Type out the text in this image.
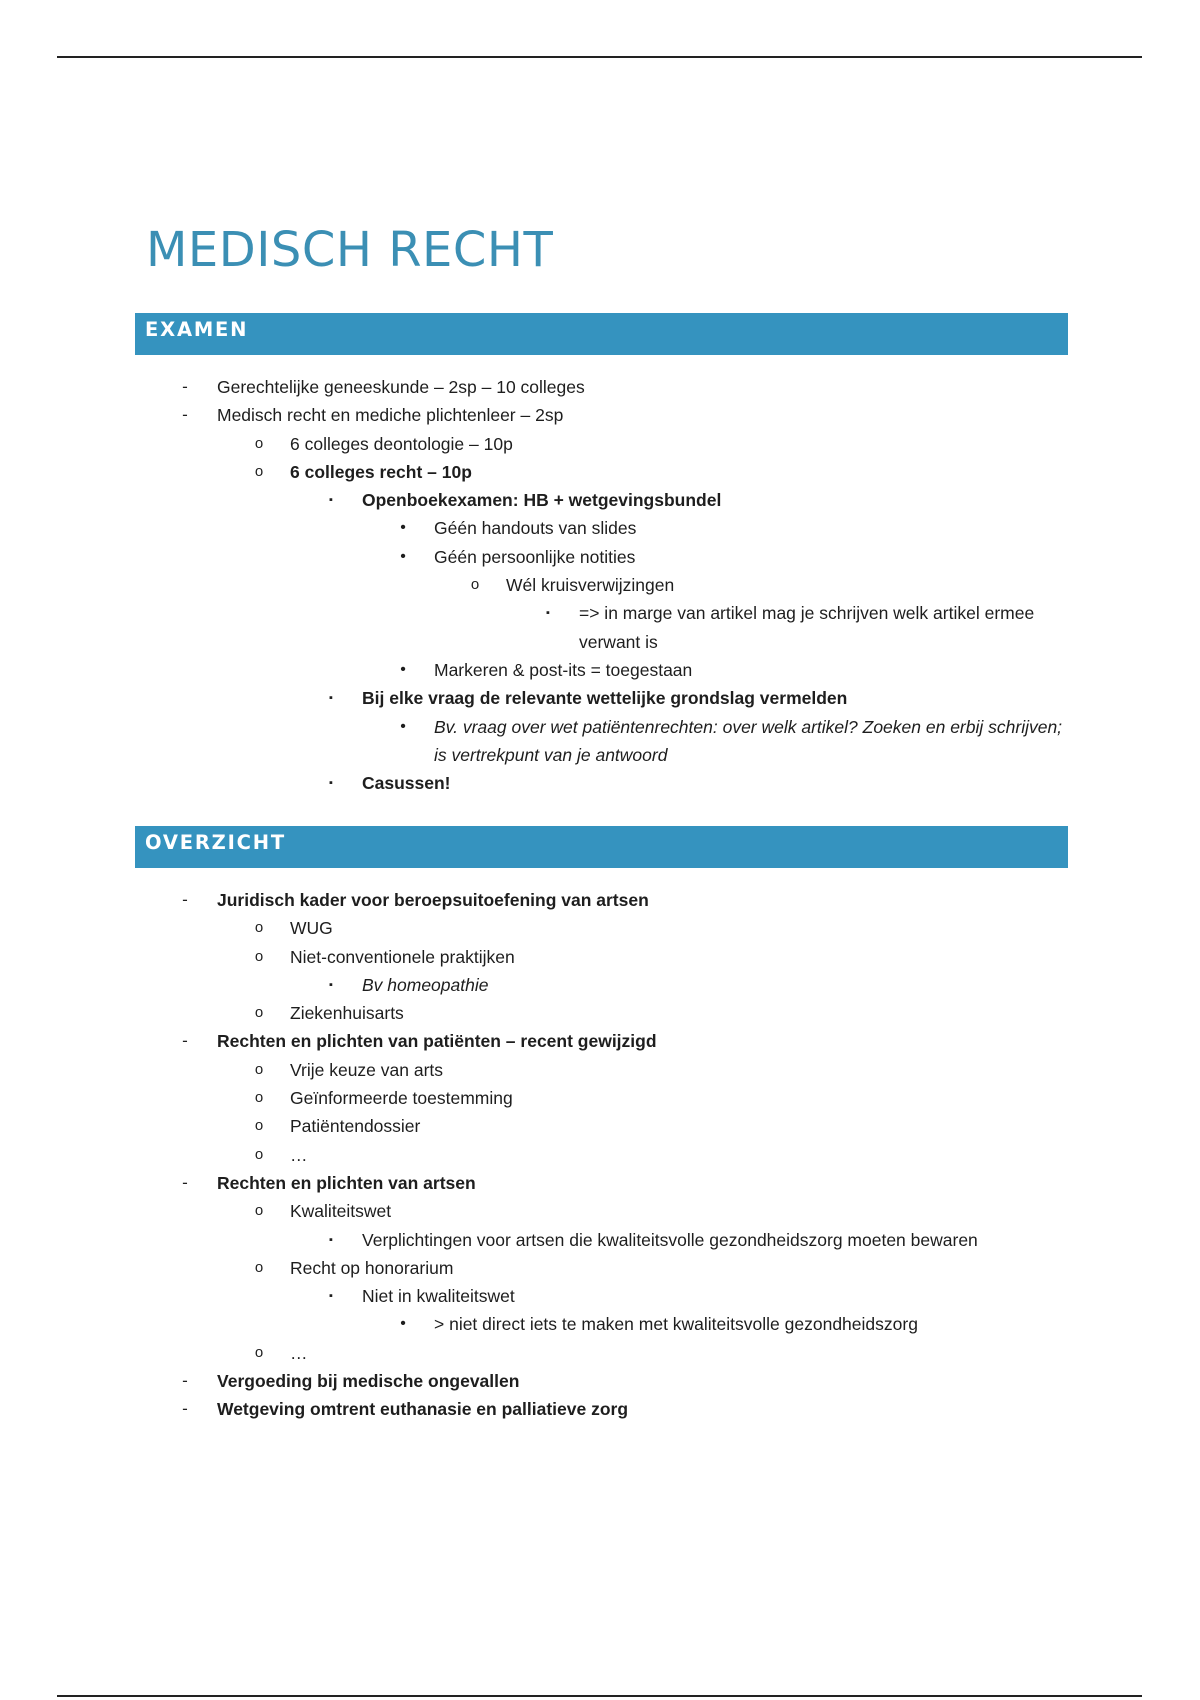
MEDISCH RECHT
EXAMEN
-	Gerechtelijke geneeskunde – 2sp – 10 colleges
-	Medisch recht en mediche plichtenleer – 2sp
o	6 colleges deontologie – 10p
o	6 colleges recht – 10p
▪	Openboekexamen: HB + wetgevingsbundel
•	Géén handouts van slides
•	Géén persoonlijke notities
o	Wél kruisverwijzingen
▪	=> in marge van artikel mag je schrijven welk artikel ermee verwant is
•	Markeren & post-its = toegestaan
▪	Bij elke vraag de relevante wettelijke grondslag vermelden
•	Bv. vraag over wet patiëntenrechten: over welk artikel? Zoeken en erbij schrijven; is vertrekpunt van je antwoord
▪	Casussen!
OVERZICHT
-	Juridisch kader voor beroepsuitoefening van artsen
o	WUG
o	Niet-conventionele praktijken
▪	Bv homeopathie
o	Ziekenhuisarts
-	Rechten en plichten van patiënten – recent gewijzigd
o	Vrije keuze van arts
o	Geïnformeerde toestemming
o	Patiëntendossier
o	…
-	Rechten en plichten van artsen
o	Kwaliteitswet
▪	Verplichtingen voor artsen die kwaliteitsvolle gezondheidszorg moeten bewaren
o	Recht op honorarium
▪	Niet in kwaliteitswet
•	> niet direct iets te maken met kwaliteitsvolle gezondheidszorg
o	…
-	Vergoeding bij medische ongevallen
-	Wetgeving omtrent euthanasie en palliatieve zorg
